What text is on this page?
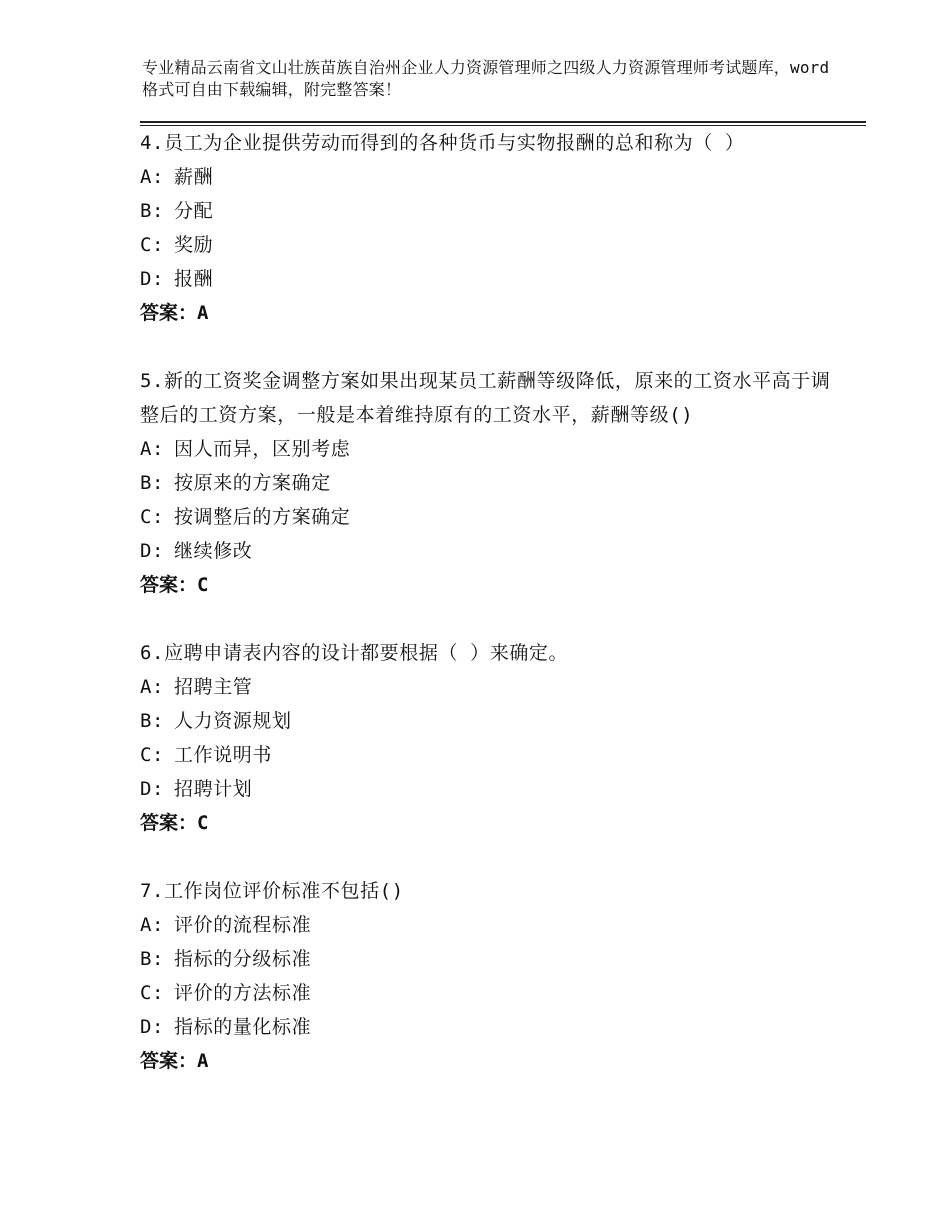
专业精品云南省文山壮族苗族自治州企业人力资源管理师之四级人力资源管理师考试题库，word格式可自由下载编辑，附完整答案！

4.员工为企业提供劳动而得到的各种货币与实物报酬的总和称为（ ）

A: 薪酬

B: 分配

C: 奖励

D: 报酬

答案：A

5.新的工资奖金调整方案如果出现某员工薪酬等级降低，原来的工资水平高于调整后的工资方案，一般是本着维持原有的工资水平，薪酬等级()

A: 因人而异，区别考虑

B: 按原来的方案确定

C: 按调整后的方案确定

D: 继续修改

答案：C

6.应聘申请表内容的设计都要根据（ ）来确定。

A: 招聘主管

B: 人力资源规划

C: 工作说明书

D: 招聘计划

答案：C

7.工作岗位评价标准不包括()

A: 评价的流程标准

B: 指标的分级标准

C: 评价的方法标准

D: 指标的量化标准

答案：A
